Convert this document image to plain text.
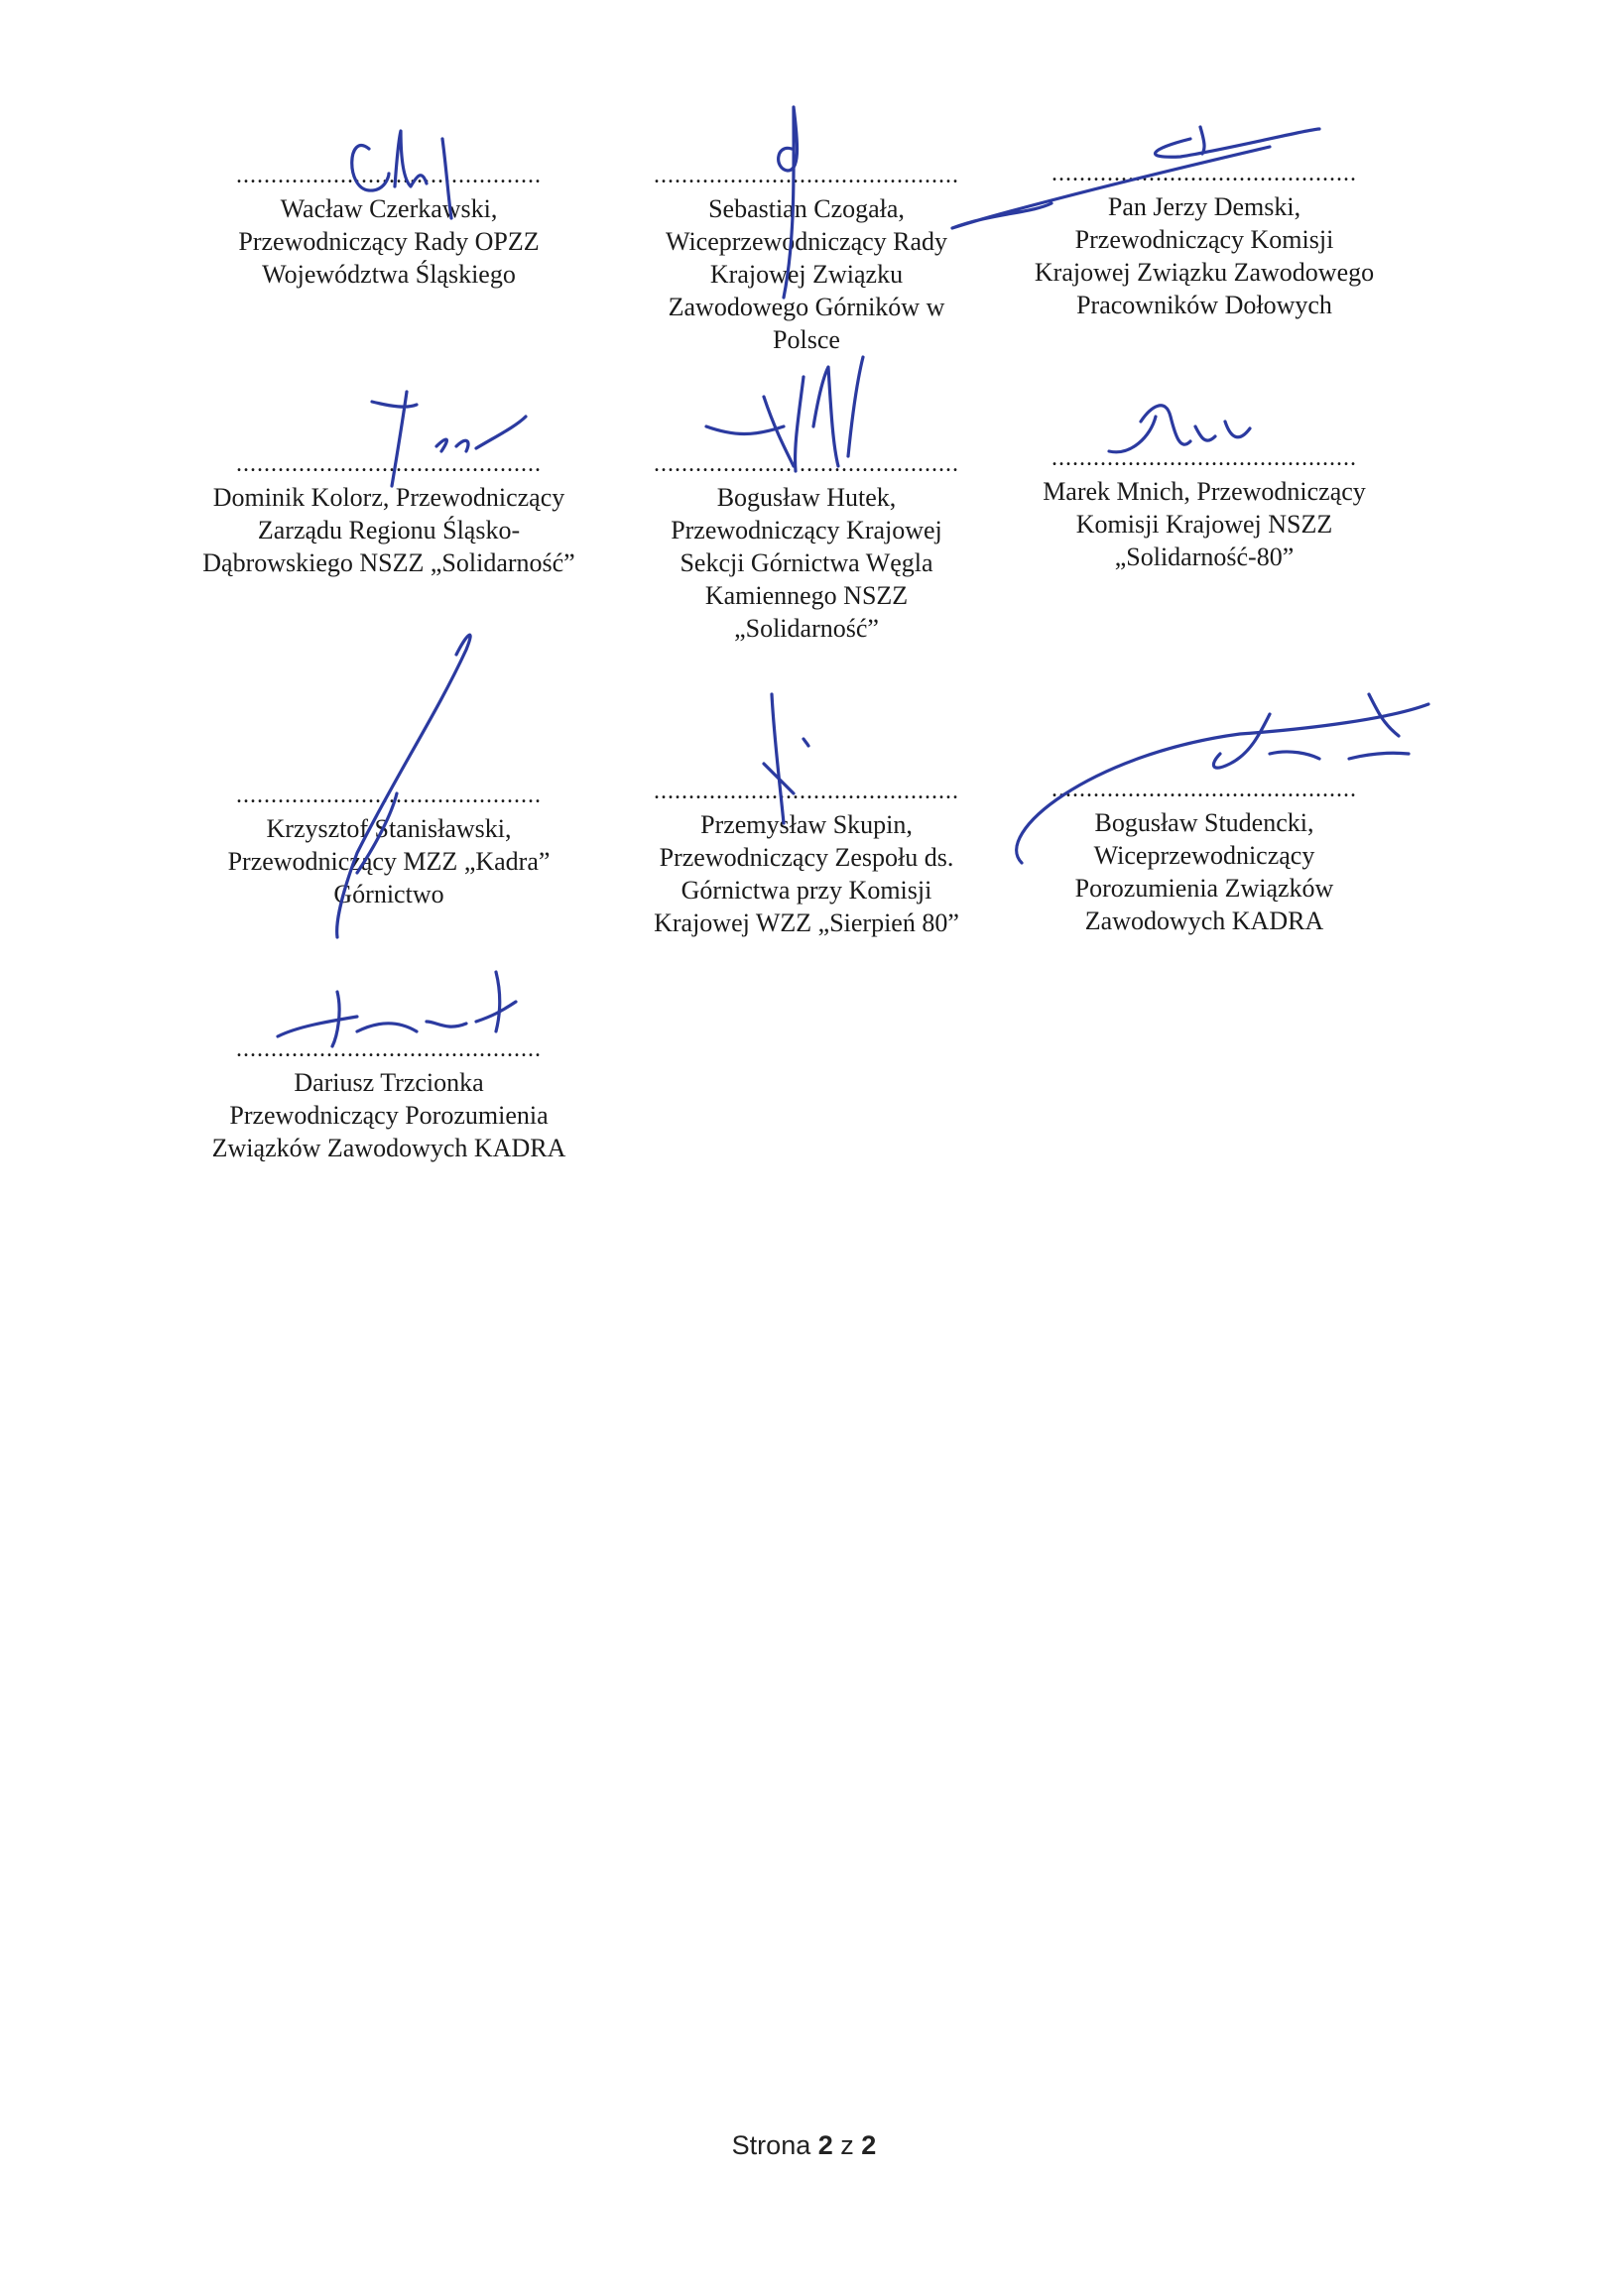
............................................
Wacław Czerkawski,
Przewodniczący Rady OPZZ
Województwa Śląskiego
............................................
Sebastian Czogała,
Wiceprzewodniczący Rady
Krajowej Związku
Zawodowego Górników w
Polsce
............................................
Pan Jerzy Demski,
Przewodniczący Komisji
Krajowej Związku Zawodowego
Pracowników Dołowych
............................................
Dominik Kolorz, Przewodniczący
Zarządu Regionu Śląsko-
Dąbrowskiego NSZZ „Solidarność”
............................................
Bogusław Hutek,
Przewodniczący Krajowej
Sekcji Górnictwa Węgla
Kamiennego NSZZ
„Solidarność”
............................................
Marek Mnich, Przewodniczący
Komisji Krajowej NSZZ
„Solidarność-80”
............................................
Krzysztof Stanisławski,
Przewodniczący MZZ „Kadra”
Górnictwo
............................................
Przemysław Skupin,
Przewodniczący Zespołu ds.
Górnictwa przy Komisji
Krajowej WZZ „Sierpień 80”
............................................
Bogusław Studencki,
Wiceprzewodniczący
Porozumienia Związków
Zawodowych KADRA
............................................
Dariusz Trzcionka
Przewodniczący Porozumienia
Związków Zawodowych KADRA
Strona 2 z 2
